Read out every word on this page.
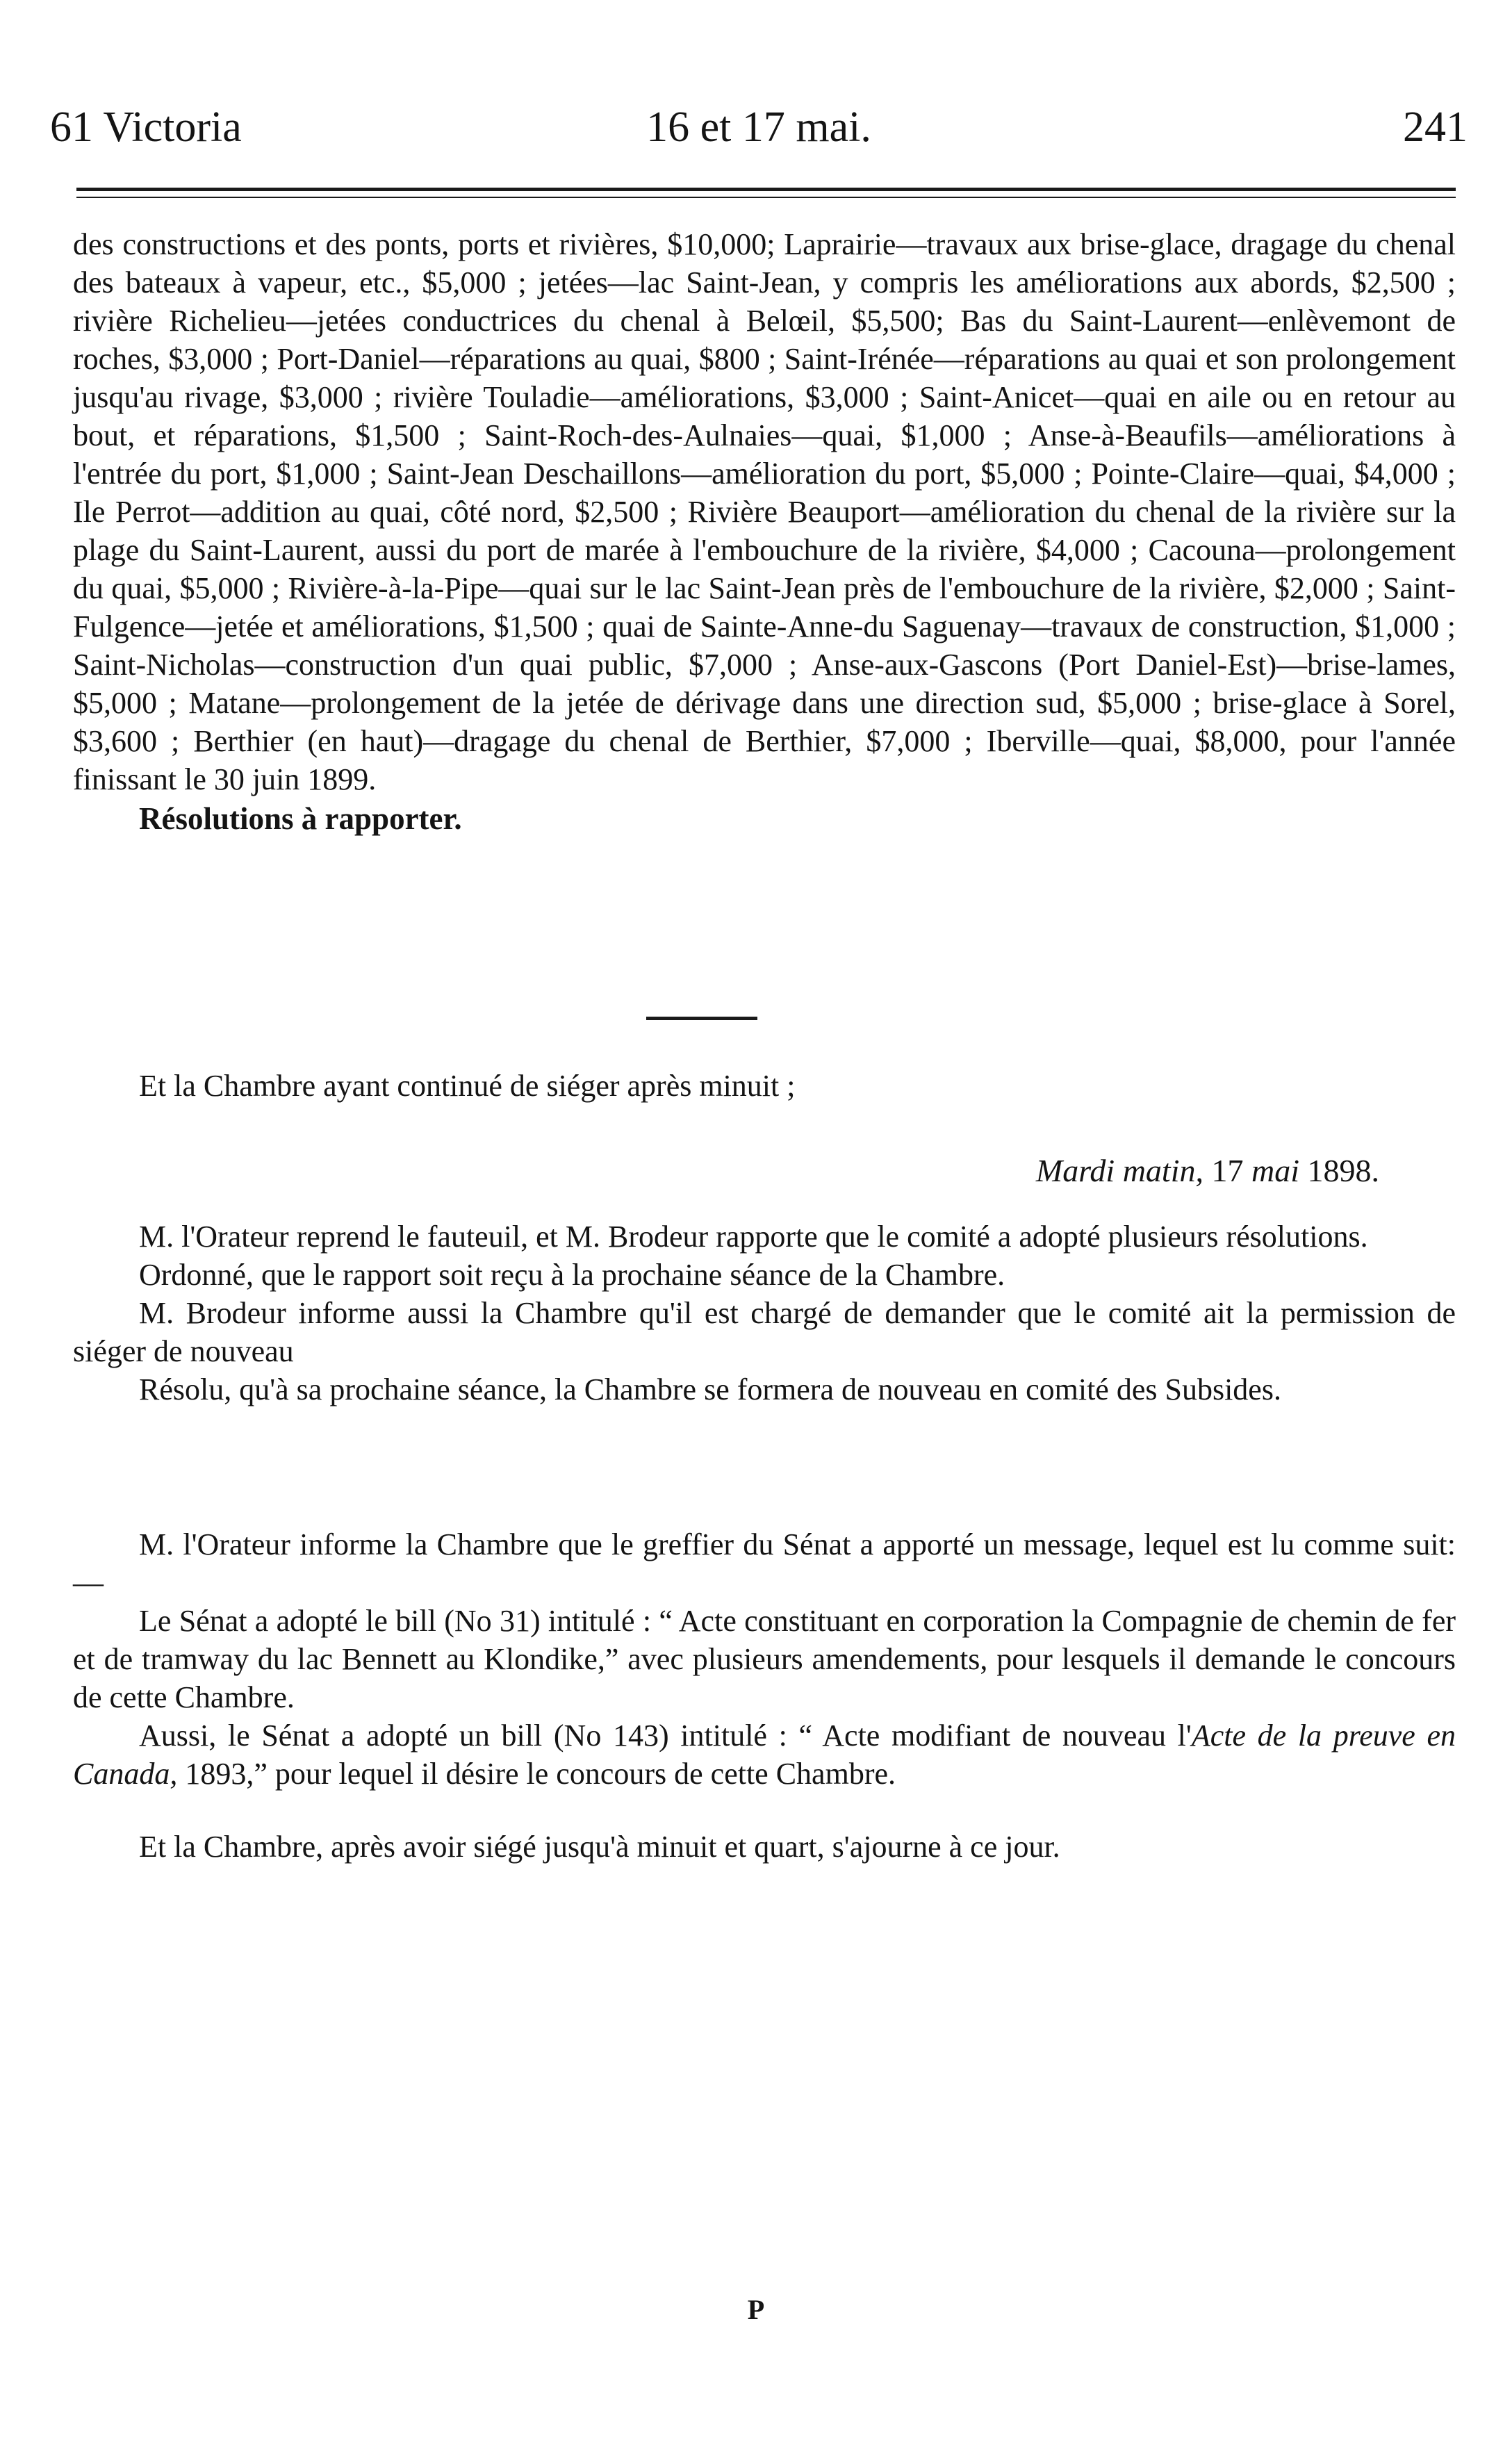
61 Victoria	16 et 17 mai.	241

des constructions et des ponts, ports et rivières, $10,000; Laprairie—travaux aux brise-glace, dragage du chenal des bateaux à vapeur, etc., $5,000 ; jetées—lac Saint-Jean, y compris les améliorations aux abords, $2,500 ; rivière Richelieu—jetées conductrices du chenal à Belœil, $5,500; Bas du Saint-Laurent—enlèvemont de roches, $3,000 ; Port-Daniel—réparations au quai, $800 ; Saint-Irénée—réparations au quai et son prolongement jusqu'au rivage, $3,000 ; rivière Touladie—améliorations, $3,000 ; Saint-Anicet—quai en aile ou en retour au bout, et réparations, $1,500 ; Saint-Roch-des-Aulnaies—quai, $1,000 ; Anse-à-Beaufils—améliorations à l'entrée du port, $1,000 ; Saint-Jean Deschaillons—amélioration du port, $5,000 ; Pointe-Claire—quai, $4,000 ; Ile Perrot—addition au quai, côté nord, $2,500 ; Rivière Beauport—amélioration du chenal de la rivière sur la plage du Saint-Laurent, aussi du port de marée à l'embouchure de la rivière, $4,000 ; Cacouna—prolongement du quai, $5,000 ; Rivière-à-la-Pipe—quai sur le lac Saint-Jean près de l'embouchure de la rivière, $2,000 ; Saint-Fulgence—jetée et améliorations, $1,500 ; quai de Sainte-Anne-du Saguenay—travaux de construction, $1,000 ; Saint-Nicholas—construction d'un quai public, $7,000 ; Anse-aux-Gascons (Port Daniel-Est)—brise-lames, $5,000 ; Matane—prolongement de la jetée de dérivage dans une direction sud, $5,000 ; brise-glace à Sorel, $3,600 ; Berthier (en haut)—dragage du chenal de Berthier, $7,000 ; Iberville—quai, $8,000, pour l'année finissant le 30 juin 1899.

Résolutions à rapporter.

Et la Chambre ayant continué de siéger après minuit ;

Mardi matin, 17 mai 1898.

M. l'Orateur reprend le fauteuil, et M. Brodeur rapporte que le comité a adopté plusieurs résolutions.

Ordonné, que le rapport soit reçu à la prochaine séance de la Chambre.

M. Brodeur informe aussi la Chambre qu'il est chargé de demander que le comité ait la permission de siéger de nouveau

Résolu, qu'à sa prochaine séance, la Chambre se formera de nouveau en comité des Subsides.

M. l'Orateur informe la Chambre que le greffier du Sénat a apporté un message, lequel est lu comme suit:—

Le Sénat a adopté le bill (No 31) intitulé : “ Acte constituant en corporation la Compagnie de chemin de fer et de tramway du lac Bennett au Klondike,” avec plusieurs amendements, pour lesquels il demande le concours de cette Chambre.

Aussi, le Sénat a adopté un bill (No 143) intitulé : “ Acte modifiant de nouveau l'Acte de la preuve en Canada, 1893,” pour lequel il désire le concours de cette Chambre.

Et la Chambre, après avoir siégé jusqu'à minuit et quart, s'ajourne à ce jour.

P
